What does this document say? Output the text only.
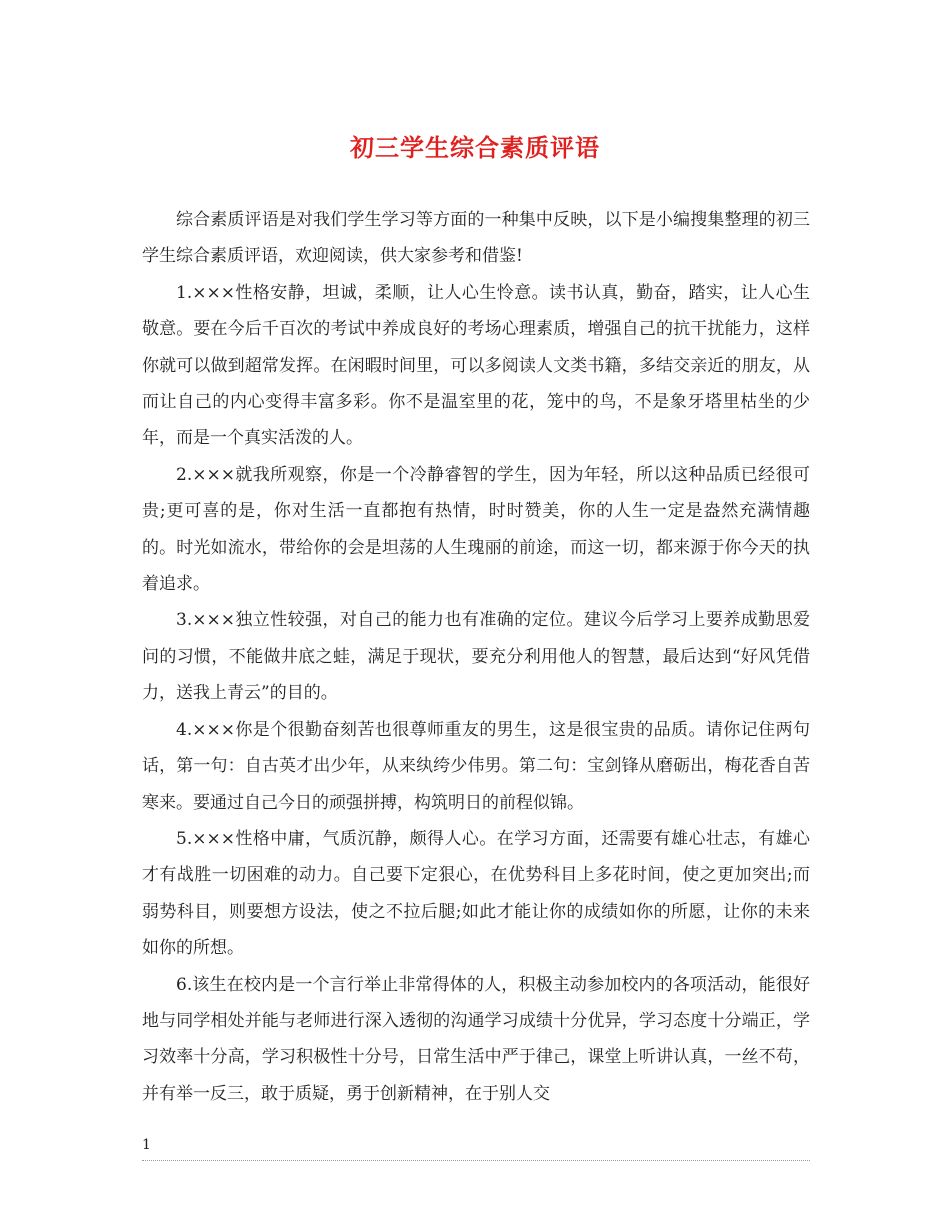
初三学生综合素质评语

综合素质评语是对我们学生学习等方面的一种集中反映，以下是小编搜集整理的初三学生综合素质评语，欢迎阅读，供大家参考和借鉴!

1.×××性格安静，坦诚，柔顺，让人心生怜意。读书认真，勤奋，踏实，让人心生敬意。要在今后千百次的考试中养成良好的考场心理素质，增强自己的抗干扰能力，这样你就可以做到超常发挥。在闲暇时间里，可以多阅读人文类书籍，多结交亲近的朋友，从而让自己的内心变得丰富多彩。你不是温室里的花，笼中的鸟，不是象牙塔里枯坐的少年，而是一个真实活泼的人。

2.×××就我所观察，你是一个冷静睿智的学生，因为年轻，所以这种品质已经很可贵;更可喜的是，你对生活一直都抱有热情，时时赞美，你的人生一定是盎然充满情趣的。时光如流水，带给你的会是坦荡的人生瑰丽的前途，而这一切，都来源于你今天的执着追求。

3.×××独立性较强，对自己的能力也有准确的定位。建议今后学习上要养成勤思爱问的习惯，不能做井底之蛙，满足于现状，要充分利用他人的智慧，最后达到“好风凭借力，送我上青云”的目的。

4.×××你是个很勤奋刻苦也很尊师重友的男生，这是很宝贵的品质。请你记住两句话，第一句：自古英才出少年，从来纨绔少伟男。第二句：宝剑锋从磨砺出，梅花香自苦寒来。要通过自己今日的顽强拼搏，构筑明日的前程似锦。

5.×××性格中庸，气质沉静，颇得人心。在学习方面，还需要有雄心壮志，有雄心才有战胜一切困难的动力。自己要下定狠心，在优势科目上多花时间，使之更加突出;而弱势科目，则要想方设法，使之不拉后腿;如此才能让你的成绩如你的所愿，让你的未来如你的所想。

6.该生在校内是一个言行举止非常得体的人，积极主动参加校内的各项活动，能很好地与同学相处并能与老师进行深入透彻的沟通学习成绩十分优异，学习态度十分端正，学习效率十分高，学习积极性十分号，日常生活中严于律己，课堂上听讲认真，一丝不苟，并有举一反三，敢于质疑，勇于创新精神，在于别人交

1
